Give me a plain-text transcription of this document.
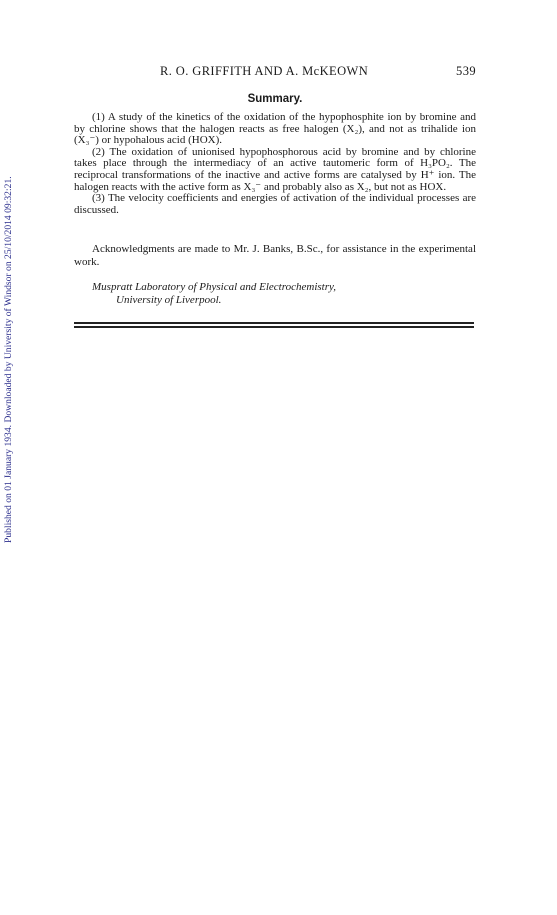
Published on 01 January 1934. Downloaded by University of Windsor on 25/10/2014 09:32:21.
R. O. GRIFFITH AND A. McKEOWN	539
Summary.

(1) A study of the kinetics of the oxidation of the hypophosphite ion by bromine and by chlorine shows that the halogen reacts as free halogen (X₂), and not as trihalide ion (X₃⁻) or hypohalous acid (HOX).

(2) The oxidation of unionised hypophosphorous acid by bromine and by chlorine takes place through the intermediacy of an active tautomeric form of H₃PO₂. The reciprocal transformations of the inactive and active forms are catalysed by H⁺ ion. The halogen reacts with the active form as X₃⁻ and probably also as X₂, but not as HOX.

(3) The velocity coefficients and energies of activation of the individual processes are discussed.

Acknowledgments are made to Mr. J. Banks, B.Sc., for assistance in the experimental work.

Muspratt Laboratory of Physical and Electrochemistry,
University of Liverpool.
